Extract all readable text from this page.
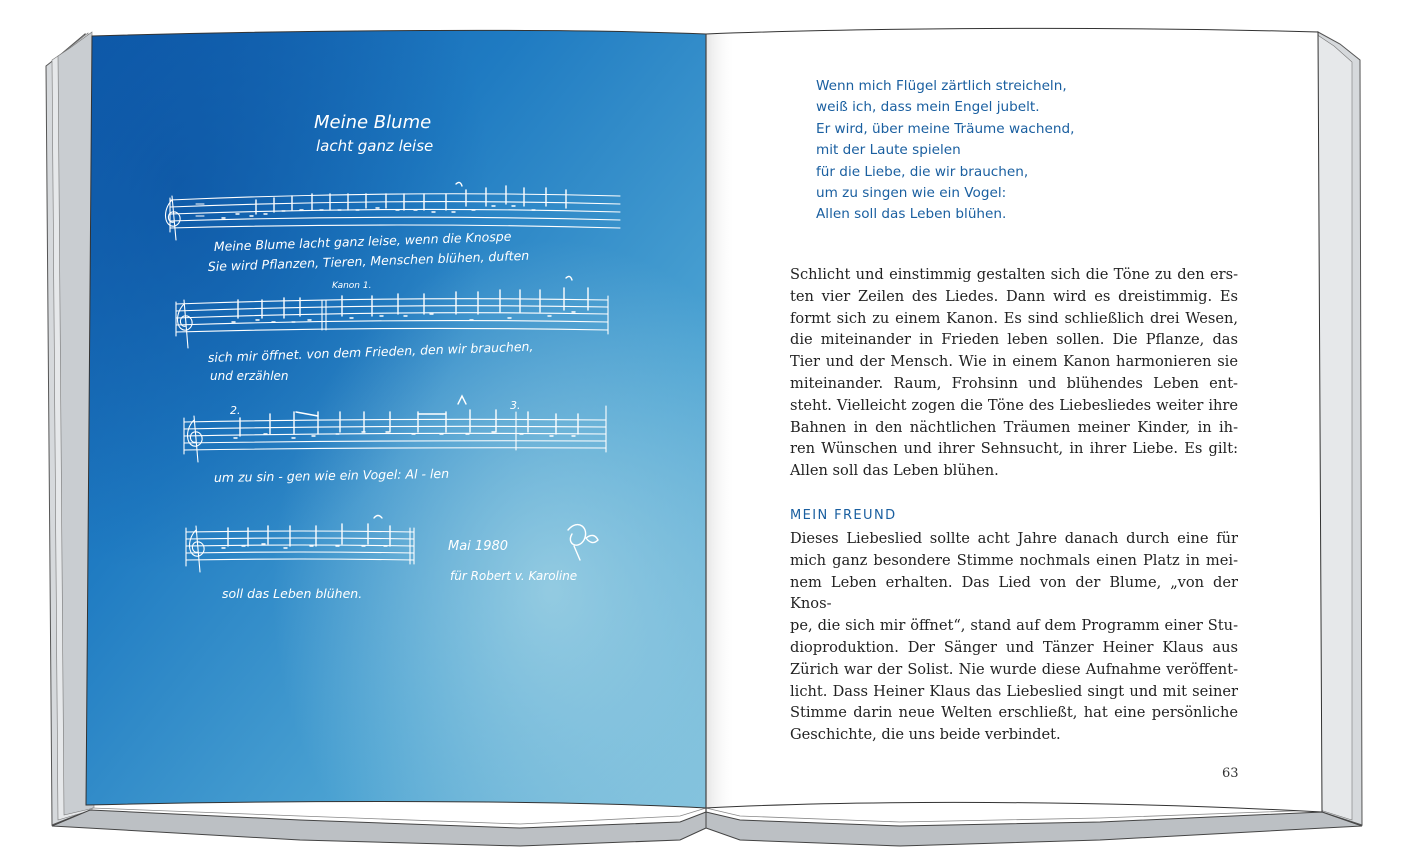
Meine Blume
lacht ganz leise
Meine Blume lacht ganz leise, wenn die Knospe
Sie wird Pflanzen, Tieren, Menschen blühen, duften
Kanon 1.
sich mir öffnet. von dem Frieden, den wir brauchen,
und erzählen
2.	3.
um zu sin - gen wie ein Vogel: Al - len
Mai 1980
für Robert v. Karoline
soll das Leben blühen.
Wenn mich Flügel zärtlich streicheln,
weiß ich, dass mein Engel jubelt.
Er wird, über meine Träume wachend,
mit der Laute spielen
für die Liebe, die wir brauchen,
um zu singen wie ein Vogel:
Allen soll das Leben blühen.
Schlicht und einstimmig gestalten sich die Töne zu den ers-
ten vier Zeilen des Liedes. Dann wird es dreistimmig. Es
formt sich zu einem Kanon. Es sind schließlich drei Wesen,
die miteinander in Frieden leben sollen. Die Pflanze, das
Tier und der Mensch. Wie in einem Kanon harmonieren sie
miteinander. Raum, Frohsinn und blühendes Leben ent-
steht. Vielleicht zogen die Töne des Liebesliedes weiter ihre
Bahnen in den nächtlichen Träumen meiner Kinder, in ih-
ren Wünschen und ihrer Sehnsucht, in ihrer Liebe. Es gilt:
Allen soll das Leben blühen.
MEIN FREUND
Dieses Liebeslied sollte acht Jahre danach durch eine für
mich ganz besondere Stimme nochmals einen Platz in mei-
nem Leben erhalten. Das Lied von der Blume, „von der Knos-
pe, die sich mir öffnet“, stand auf dem Programm einer Stu-
dioproduktion. Der Sänger und Tänzer Heiner Klaus aus
Zürich war der Solist. Nie wurde diese Aufnahme veröffent-
licht. Dass Heiner Klaus das Liebeslied singt und mit seiner
Stimme darin neue Welten erschließt, hat eine persönliche
Geschichte, die uns beide verbindet.
63
